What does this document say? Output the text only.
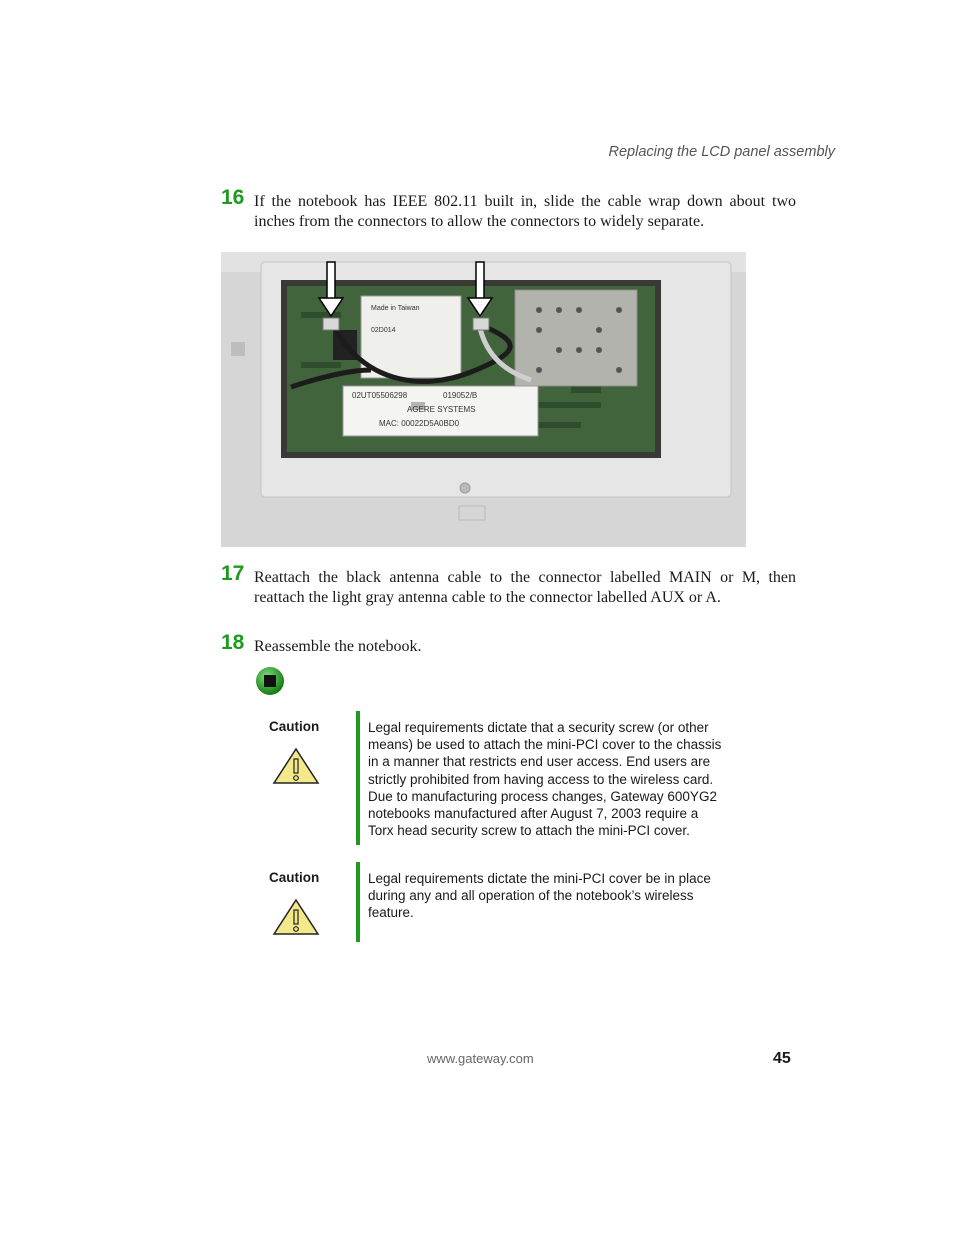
Replacing the LCD panel assembly
16 If the notebook has IEEE 802.11 built in, slide the cable wrap down about two inches from the connectors to allow the connectors to widely separate.
02UT05506298	019052/B
AGERE SYSTEMS
MAC: 00022D5A0BD0
Made in Taiwan
02D014
17 Reattach the black antenna cable to the connector labelled MAIN or M, then reattach the light gray antenna cable to the connector labelled AUX or A.
18 Reassemble the notebook.
Caution	Legal requirements dictate that a security screw (or other means) be used to attach the mini-PCI cover to the chassis in a manner that restricts end user access. End users are strictly prohibited from having access to the wireless card. Due to manufacturing process changes, Gateway 600YG2 notebooks manufactured after August 7, 2003 require a Torx head security screw to attach the mini-PCI cover.
Caution	Legal requirements dictate the mini-PCI cover be in place during any and all operation of the notebook’s wireless feature.
www.gateway.com	45
